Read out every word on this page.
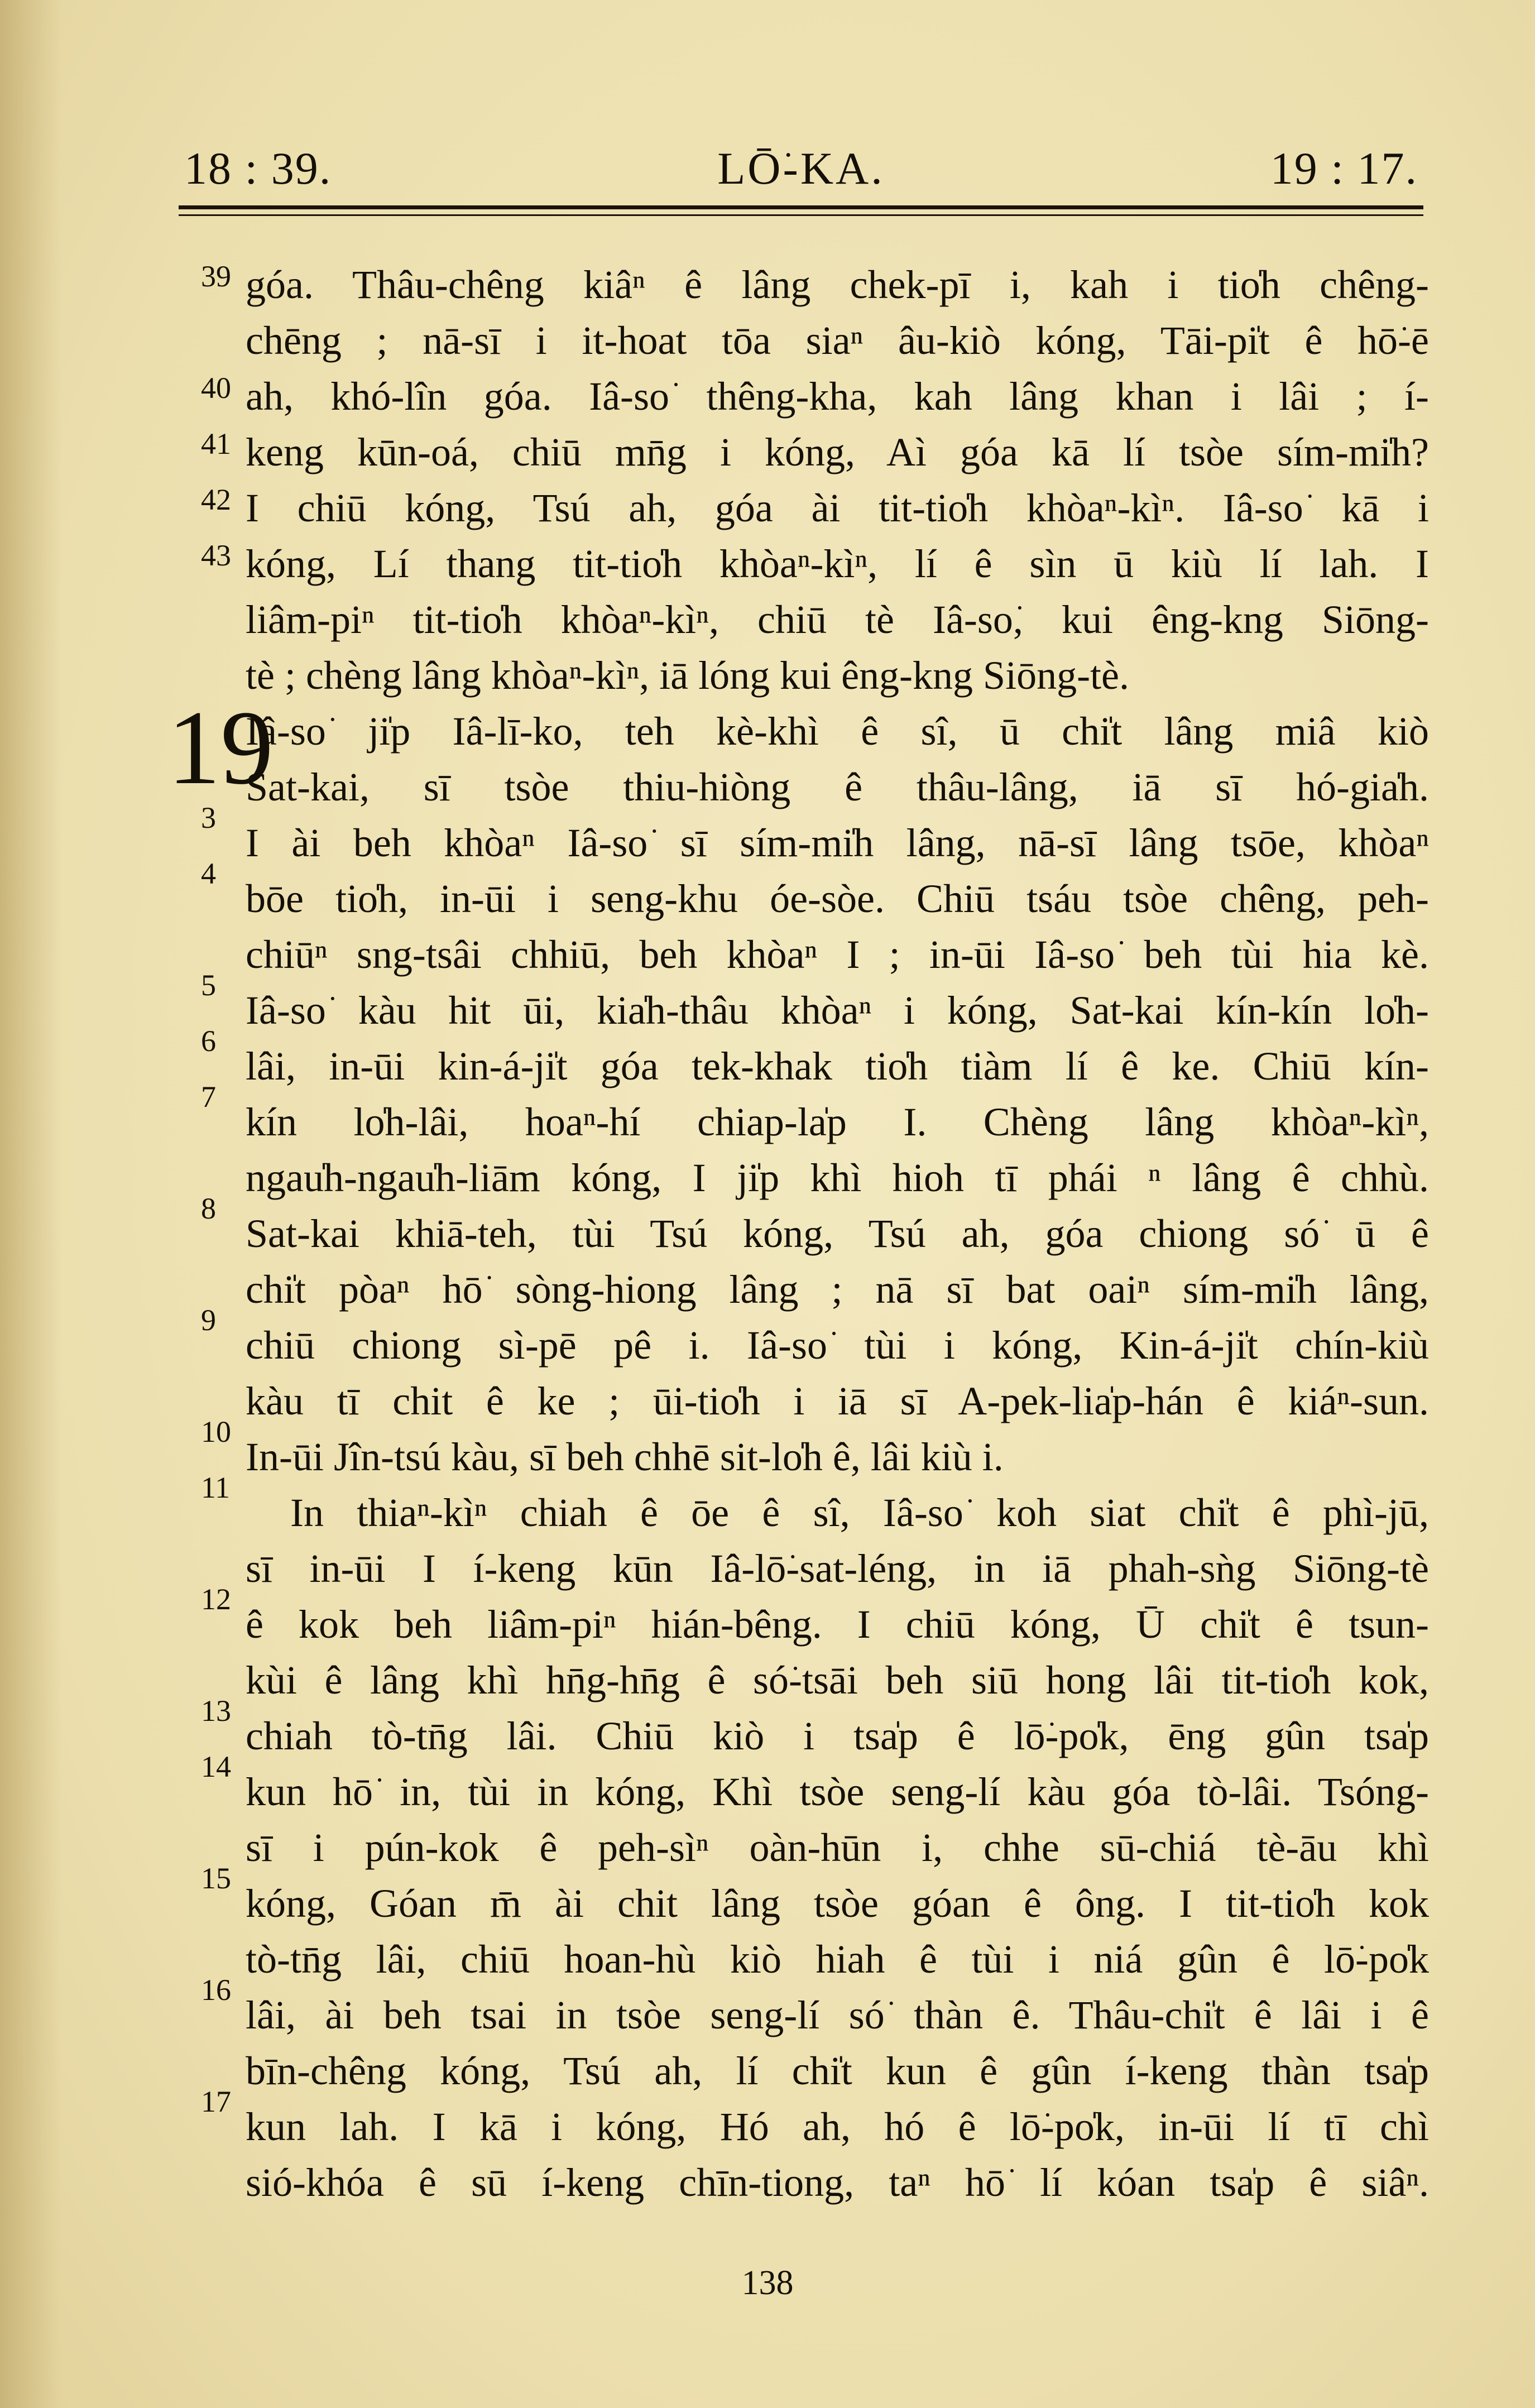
18 : 39.	LŌ͘-KA.	19 : 17.
19
39
40
41
42
43
3
4
5
6
7
8
9
10
11
12
13
14
15
16
17
góa. Thâu-chêng kiâⁿ ê lâng chek-pī i, kah i tio̍h chêng-
chēng ; nā-sī i it-hoat tōa siaⁿ âu-kiò kóng, Tāi-pi̍t ê hō͘-ē
ah, khó-lîn góa. Iâ-so͘ thêng-kha, kah lâng khan i lâi ; í-
keng kūn-oá, chiū mn̄g i kóng, Aì góa kā lí tsòe sím-mi̍h?
I chiū kóng, Tsú ah, góa ài tit-tio̍h khòaⁿ-kìⁿ. Iâ-so͘ kā i
kóng, Lí thang tit-tio̍h khòaⁿ-kìⁿ, lí ê sìn ū kiù lí lah. I
liâm-piⁿ tit-tio̍h khòaⁿ-kìⁿ, chiū tè Iâ-so͘, kui êng-kng Siōng-
tè ; chèng lâng khòaⁿ-kìⁿ, iā lóng kui êng-kng Siōng-tè.
Iâ-so͘ ji̍p Iâ-lī-ko, teh kè-khì ê sî, ū chi̍t lâng miâ kiò
Sat-kai, sī tsòe thiu-hiòng ê thâu-lâng, iā sī hó-gia̍h.
I ài beh khòaⁿ Iâ-so͘ sī sím-mi̍h lâng, nā-sī lâng tsōe, khòaⁿ
bōe tio̍h, in-ūi i seng-khu óe-sòe. Chiū tsáu tsòe chêng, peh-
chiūⁿ sng-tsâi chhiū, beh khòaⁿ I ; in-ūi Iâ-so͘ beh tùi hia kè.
Iâ-so͘ kàu hit ūi, kia̍h-thâu khòaⁿ i kóng, Sat-kai kín-kín lo̍h-
lâi, in-ūi kin-á-ji̍t góa tek-khak tio̍h tiàm lí ê ke. Chiū kín-
kín lo̍h-lâi, hoaⁿ-hí chiap-la̍p I. Chèng lâng khòaⁿ-kìⁿ,
ngau̍h-ngau̍h-liām kóng, I ji̍p khì hioh tī phái ⁿ lâng ê chhù.
Sat-kai khiā-teh, tùi Tsú kóng, Tsú ah, góa chiong só͘ ū ê
chi̍t pòaⁿ hō͘ sòng-hiong lâng ; nā sī bat oaiⁿ sím-mi̍h lâng,
chiū chiong sì-pē pê i. Iâ-so͘ tùi i kóng, Kin-á-ji̍t chín-kiù
kàu tī chit ê ke ; ūi-tio̍h i iā sī A-pek-lia̍p-hán ê kiáⁿ-sun.
In-ūi Jîn-tsú kàu, sī beh chhē sit-lo̍h ê, lâi kiù i.
In thiaⁿ-kìⁿ chiah ê ōe ê sî, Iâ-so͘ koh siat chi̍t ê phì-jū,
sī in-ūi I í-keng kūn Iâ-lō͘-sat-léng, in iā phah-sǹg Siōng-tè
ê kok beh liâm-piⁿ hián-bêng. I chiū kóng, Ū chi̍t ê tsun-
kùi ê lâng khì hn̄g-hn̄g ê só͘-tsāi beh siū hong lâi tit-tio̍h kok,
chiah tò-tn̄g lâi. Chiū kiò i tsa̍p ê lō͘-po̍k, ēng gûn tsa̍p
kun hō͘ in, tùi in kóng, Khì tsòe seng-lí kàu góa tò-lâi. Tsóng-
sī i pún-kok ê peh-sìⁿ oàn-hūn i, chhe sū-chiá tè-āu khì
kóng, Góan m̄ ài chit lâng tsòe góan ê ông. I tit-tio̍h kok
tò-tn̄g lâi, chiū hoan-hù kiò hiah ê tùi i niá gûn ê lō͘-po̍k
lâi, ài beh tsai in tsòe seng-lí só͘ thàn ê. Thâu-chi̍t ê lâi i ê
bīn-chêng kóng, Tsú ah, lí chi̍t kun ê gûn í-keng thàn tsa̍p
kun lah. I kā i kóng, Hó ah, hó ê lō͘-po̍k, in-ūi lí tī chì
sió-khóa ê sū í-keng chīn-tiong, taⁿ hō͘ lí kóan tsa̍p ê siâⁿ.
138
